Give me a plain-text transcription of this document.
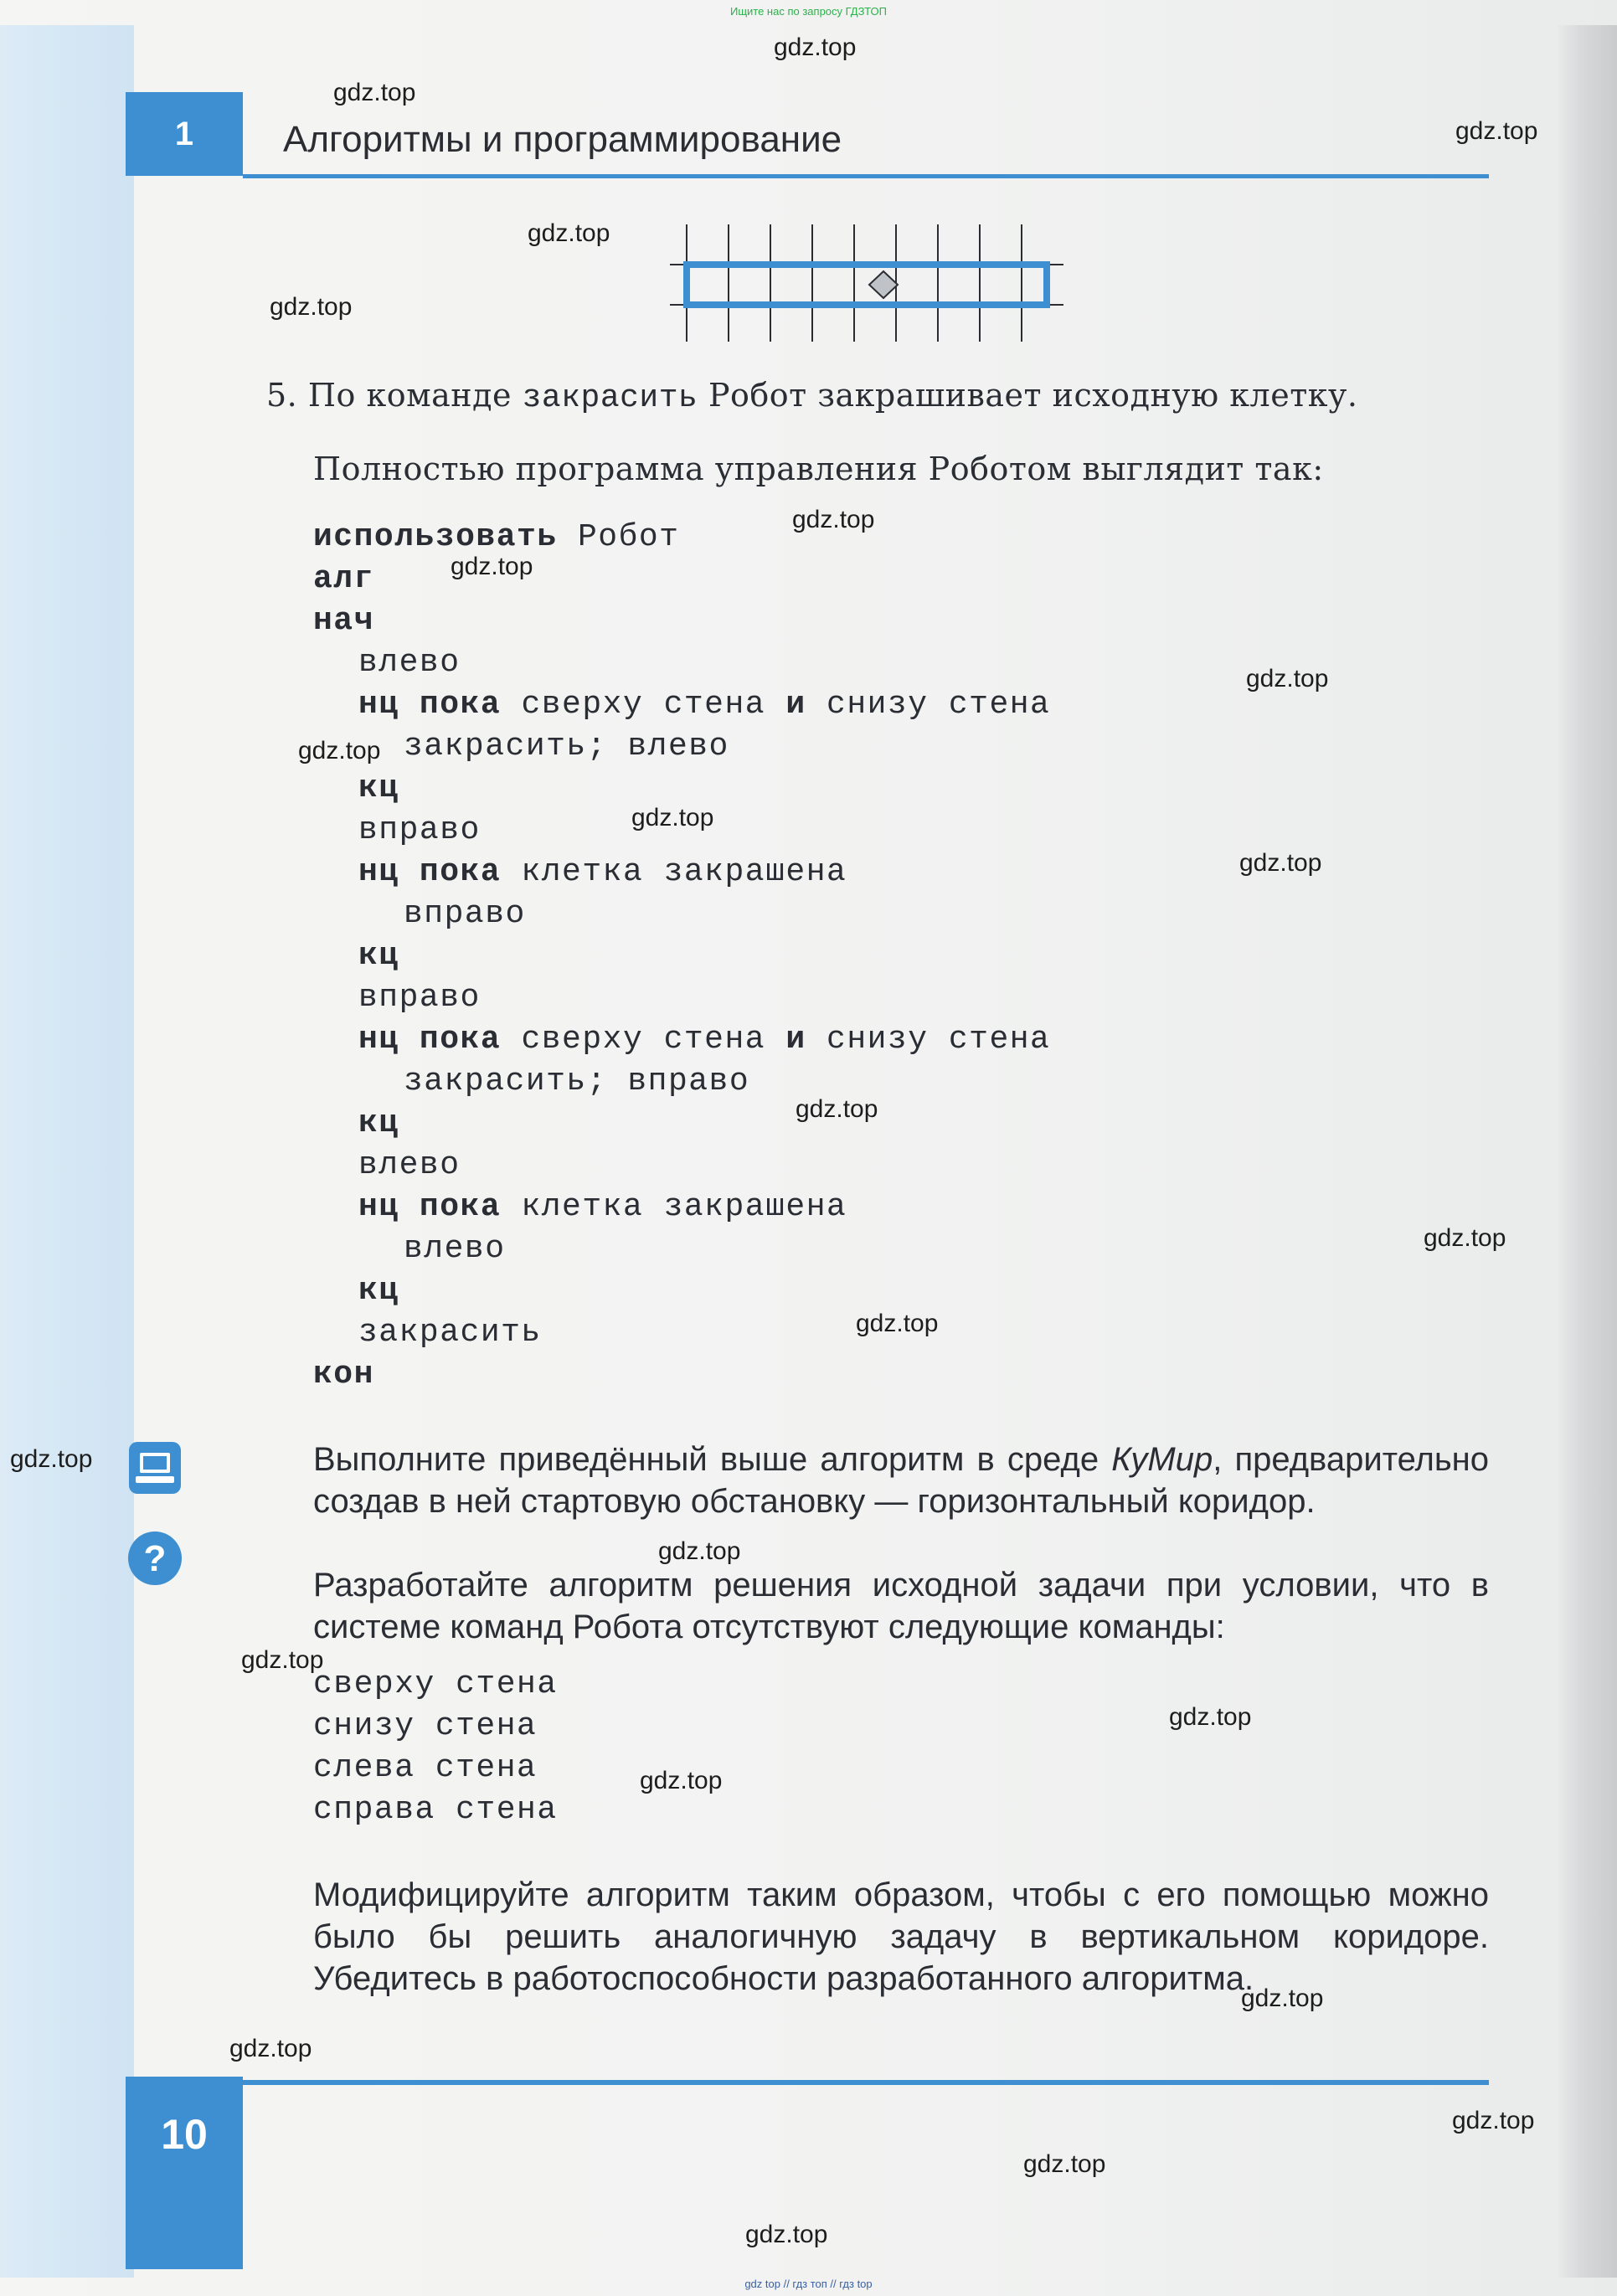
Ищите нас по запросу ГДЗТОП
1 Алгоритмы и программирование
5. По команде закрасить Робот закрашивает исходную клетку.
Полностью программа управления Роботом выглядит так:
использовать Робот
алг
нач
влево
нц пока сверху стена и снизу стена
закрасить; влево
кц
вправо
нц пока клетка закрашена
вправо
кц
вправо
нц пока сверху стена и снизу стена
закрасить; вправо
кц
влево
нц пока клетка закрашена
влево
кц
закрасить
кон
?
Выполните приведённый выше алгоритм в среде КуМир, предварительно создав в ней стартовую обстановку — горизонтальный коридор.
Разработайте алгоритм решения исходной задачи при условии, что в системе команд Робота отсутствуют следующие команды:
сверху стена
снизу стена
слева стена
справа стена
Модифицируйте алгоритм таким образом, чтобы с его помощью можно было бы решить аналогичную задачу в вертикальном коридоре. Убедитесь в работоспособности разработанного алгоритма.
10
gdz.top
gdz.top
gdz.top
gdz.top
gdz.top
gdz.top
gdz.top
gdz.top
gdz.top
gdz.top
gdz.top
gdz.top
gdz.top
gdz.top
gdz.top
gdz.top
gdz.top
gdz.top
gdz.top
gdz.top
gdz.top
gdz.top
gdz.top
gdz.top
gdz top // гдз топ // гдз top
